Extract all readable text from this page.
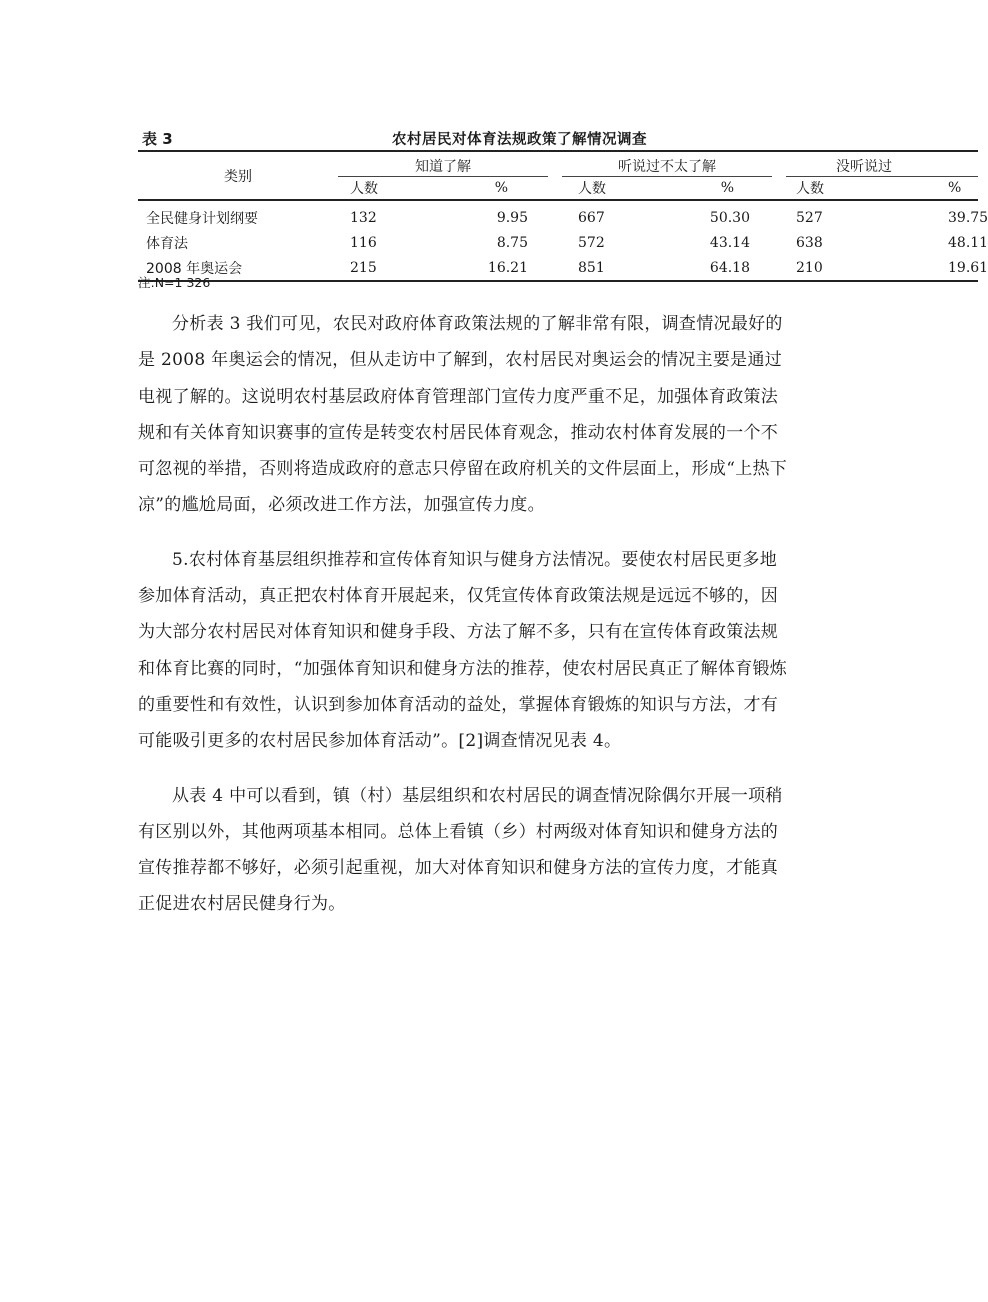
表 3	农村居民对体育法规政策了解情况调查
类别	知道了解			听说过不太了解			没听说过	
	人数	%		人数	%		人数	%
全民健身计划纲要	132	9.95		667	50.30		527	39.75
体育法	116	8.75		572	43.14		638	48.11
2008 年奥运会	215	16.21		851	64.18		210	19.61
注:N=1 326

分析表 3 我们可见，农民对政府体育政策法规的了解非常有限，调查情况最好的是 2008 年奥运会的情况，但从走访中了解到，农村居民对奥运会的情况主要是通过电视了解的。这说明农村基层政府体育管理部门宣传力度严重不足，加强体育政策法规和有关体育知识赛事的宣传是转变农村居民体育观念，推动农村体育发展的一个不可忽视的举措，否则将造成政府的意志只停留在政府机关的文件层面上，形成“上热下凉”的尴尬局面，必须改进工作方法，加强宣传力度。

5.农村体育基层组织推荐和宣传体育知识与健身方法情况。要使农村居民更多地参加体育活动，真正把农村体育开展起来，仅凭宣传体育政策法规是远远不够的，因为大部分农村居民对体育知识和健身手段、方法了解不多，只有在宣传体育政策法规和体育比赛的同时，“加强体育知识和健身方法的推荐，使农村居民真正了解体育锻炼的重要性和有效性，认识到参加体育活动的益处，掌握体育锻炼的知识与方法，才有可能吸引更多的农村居民参加体育活动”。[2]调查情况见表 4。

从表 4 中可以看到，镇（村）基层组织和农村居民的调查情况除偶尔开展一项稍有区别以外，其他两项基本相同。总体上看镇（乡）村两级对体育知识和健身方法的宣传推荐都不够好，必须引起重视，加大对体育知识和健身方法的宣传力度，才能真正促进农村居民健身行为。
